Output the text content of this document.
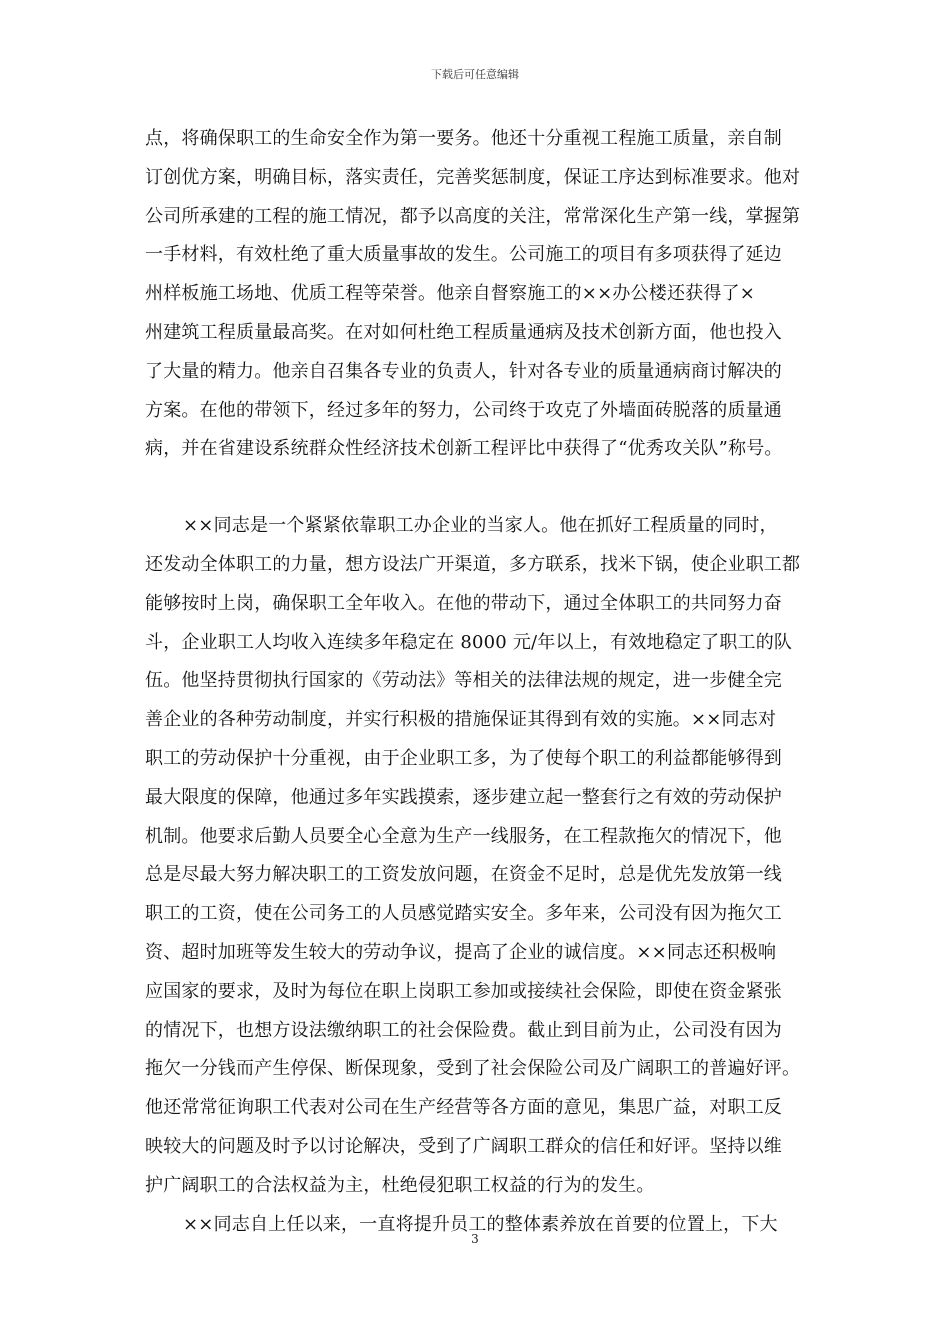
下载后可任意编辑
点，将确保职工的生命安全作为第一要务。他还十分重视工程施工质量，亲自制
订创优方案，明确目标，落实责任，完善奖惩制度，保证工序达到标准要求。他对
公司所承建的工程的施工情况，都予以高度的关注，常常深化生产第一线，掌握第
一手材料，有效杜绝了重大质量事故的发生。公司施工的项目有多项获得了延边
州样板施工场地、优质工程等荣誉。他亲自督察施工的××办公楼还获得了×
州建筑工程质量最高奖。在对如何杜绝工程质量通病及技术创新方面，他也投入
了大量的精力。他亲自召集各专业的负责人，针对各专业的质量通病商讨解决的
方案。在他的带领下，经过多年的努力，公司终于攻克了外墙面砖脱落的质量通
病，并在省建设系统群众性经济技术创新工程评比中获得了“优秀攻关队”称号。
××同志是一个紧紧依靠职工办企业的当家人。他在抓好工程质量的同时，
还发动全体职工的力量，想方设法广开渠道，多方联系，找米下锅，使企业职工都
能够按时上岗，确保职工全年收入。在他的带动下，通过全体职工的共同努力奋
斗，企业职工人均收入连续多年稳定在 8000 元/年以上，有效地稳定了职工的队
伍。他坚持贯彻执行国家的《劳动法》等相关的法律法规的规定，进一步健全完
善企业的各种劳动制度，并实行积极的措施保证其得到有效的实施。××同志对
职工的劳动保护十分重视，由于企业职工多，为了使每个职工的利益都能够得到
最大限度的保障，他通过多年实践摸索，逐步建立起一整套行之有效的劳动保护
机制。他要求后勤人员要全心全意为生产一线服务，在工程款拖欠的情况下，他
总是尽最大努力解决职工的工资发放问题，在资金不足时，总是优先发放第一线
职工的工资，使在公司务工的人员感觉踏实安全。多年来，公司没有因为拖欠工
资、超时加班等发生较大的劳动争议，提高了企业的诚信度。××同志还积极响
应国家的要求，及时为每位在职上岗职工参加或接续社会保险，即使在资金紧张
的情况下，也想方设法缴纳职工的社会保险费。截止到目前为止，公司没有因为
拖欠一分钱而产生停保、断保现象，受到了社会保险公司及广阔职工的普遍好评。
他还常常征询职工代表对公司在生产经营等各方面的意见，集思广益，对职工反
映较大的问题及时予以讨论解决，受到了广阔职工群众的信任和好评。坚持以维
护广阔职工的合法权益为主，杜绝侵犯职工权益的行为的发生。
××同志自上任以来，一直将提升员工的整体素养放在首要的位置上，下大
3
